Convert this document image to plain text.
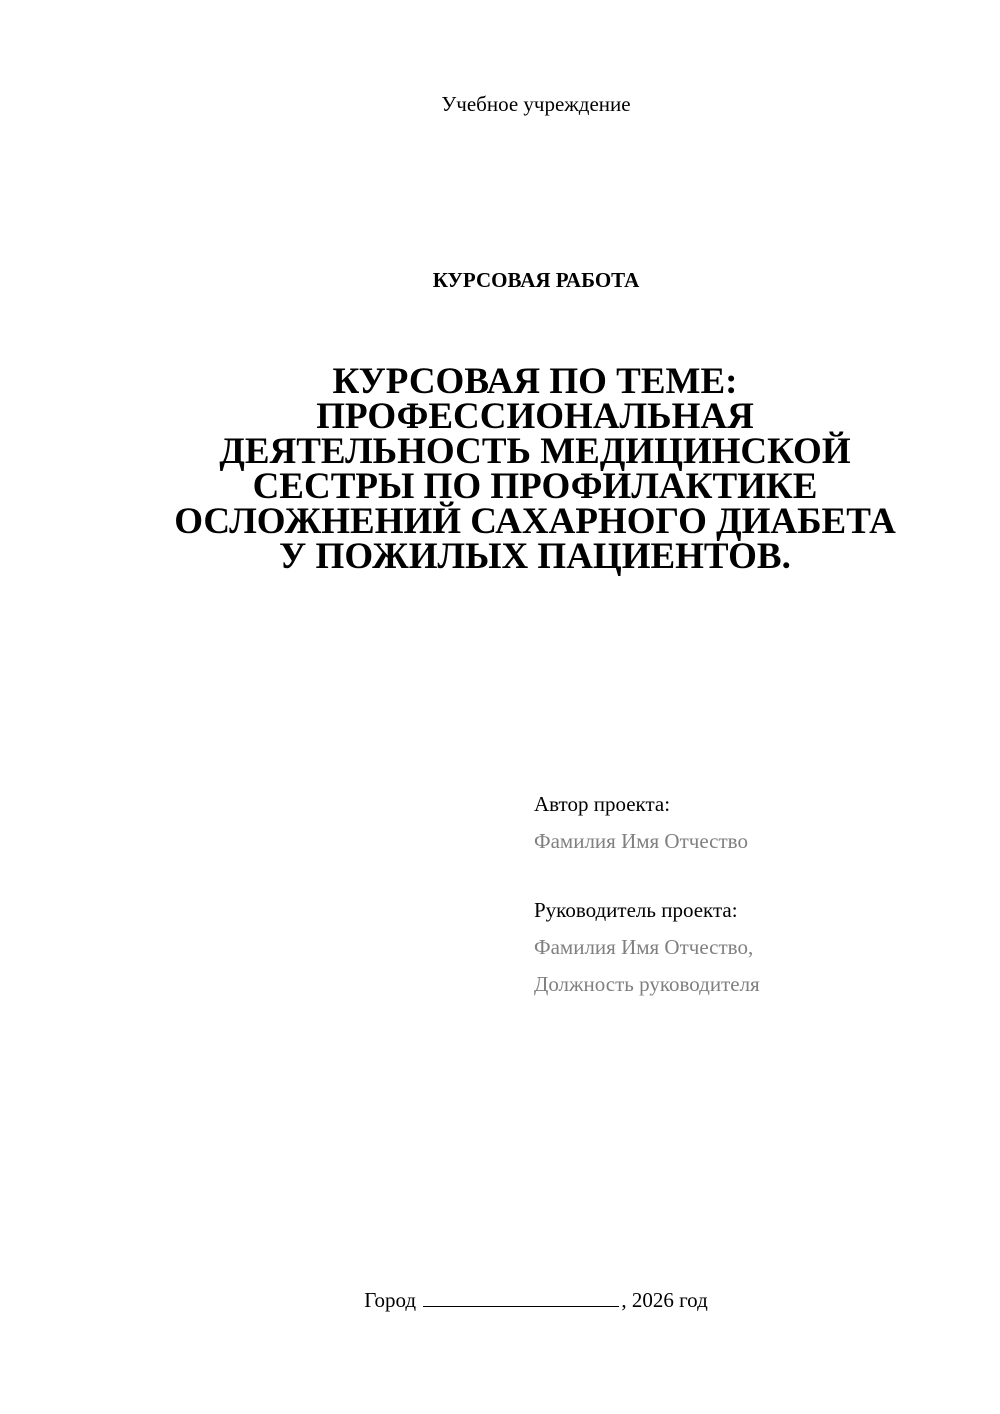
Учебное учреждение
КУРСОВАЯ РАБОТА
КУРСОВАЯ ПО ТЕМЕ:
ПРОФЕССИОНАЛЬНАЯ
ДЕЯТЕЛЬНОСТЬ МЕДИЦИНСКОЙ
СЕСТРЫ ПО ПРОФИЛАКТИКЕ
ОСЛОЖНЕНИЙ САХАРНОГО ДИАБЕТА
У ПОЖИЛЫХ ПАЦИЕНТОВ.
Автор проекта:
Фамилия Имя Отчество
Руководитель проекта:
Фамилия Имя Отчество,
Должность руководителя
Город	, 2026 год
